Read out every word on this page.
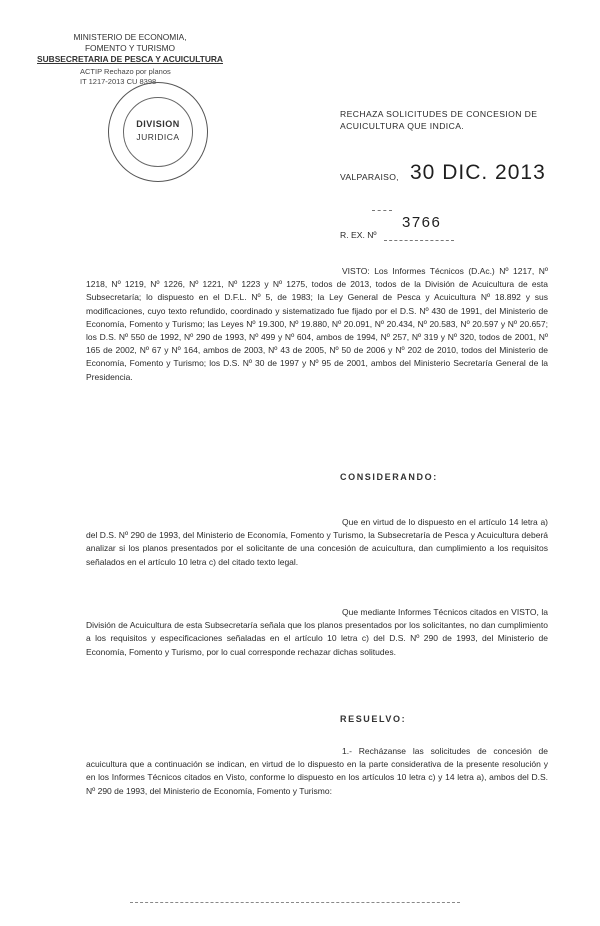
MINISTERIO DE ECONOMIA,
FOMENTO Y TURISMO
SUBSECRETARIA DE PESCA Y ACUICULTURA
ACTIP Rechazo por planos
IT 1217-2013 CU 8398
DIVISION
JURIDICA
RECHAZA SOLICITUDES DE CONCESION DE ACUICULTURA QUE INDICA.
VALPARAISO, 30 DIC. 2013
3766
R. EX. Nº
VISTO: Los Informes Técnicos (D.Ac.) Nº 1217, Nº 1218, Nº 1219, Nº 1226, Nº 1221, Nº 1223 y Nº 1275, todos de 2013, todos de la División de Acuicultura de esta Subsecretaría; lo dispuesto en el D.F.L. Nº 5, de 1983; la Ley General de Pesca y Acuicultura Nº 18.892 y sus modificaciones, cuyo texto refundido, coordinado y sistematizado fue fijado por el D.S. Nº 430 de 1991, del Ministerio de Economía, Fomento y Turismo; las Leyes Nº 19.300, Nº 19.880, Nº 20.091, Nº 20.434, Nº 20.583, Nº 20.597 y Nº 20.657; los D.S. Nº 550 de 1992, Nº 290 de 1993, Nº 499 y Nº 604, ambos de 1994, Nº 257, Nº 319 y Nº 320, todos de 2001, Nº 165 de 2002, Nº 67 y Nº 164, ambos de 2003, Nº 43 de 2005, Nº 50 de 2006 y Nº 202 de 2010, todos del Ministerio de Economía, Fomento y Turismo; los D.S. Nº 30 de 1997 y Nº 95 de 2001, ambos del Ministerio Secretaría General de la Presidencia.
CONSIDERANDO:
Que en virtud de lo dispuesto en el artículo 14 letra a) del D.S. Nº 290 de 1993, del Ministerio de Economía, Fomento y Turismo, la Subsecretaría de Pesca y Acuicultura deberá analizar si los planos presentados por el solicitante de una concesión de acuicultura, dan cumplimiento a los requisitos señalados en el artículo 10 letra c) del citado texto legal.
Que mediante Informes Técnicos citados en VISTO, la División de Acuicultura de esta Subsecretaría señala que los planos presentados por los solicitantes, no dan cumplimiento a los requisitos y especificaciones señaladas en el artículo 10 letra c) del D.S. Nº 290 de 1993, del Ministerio de Economía, Fomento y Turismo, por lo cual corresponde rechazar dichas solitudes.
RESUELVO:
1.- Recházanse las solicitudes de concesión de acuicultura que a continuación se indican, en virtud de lo dispuesto en la parte considerativa de la presente resolución y en los Informes Técnicos citados en Visto, conforme lo dispuesto en los artículos 10 letra c) y 14 letra a), ambos del D.S. Nº 290 de 1993, del Ministerio de Economía, Fomento y Turismo:
